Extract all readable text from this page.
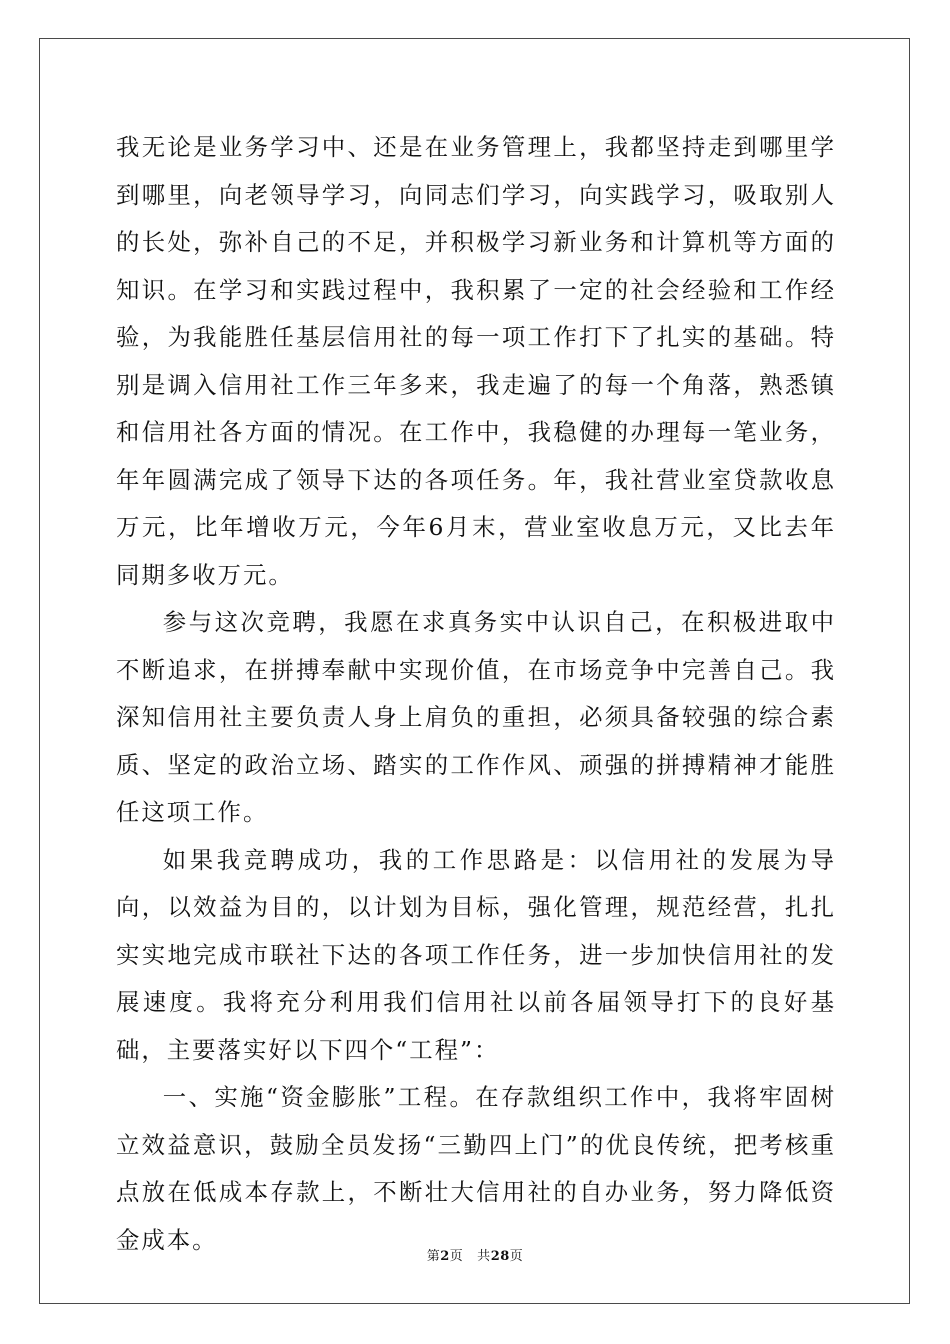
我无论是业务学习中、还是在业务管理上，我都坚持走到哪里学到哪里，向老领导学习，向同志们学习，向实践学习，吸取别人的长处，弥补自己的不足，并积极学习新业务和计算机等方面的知识。在学习和实践过程中，我积累了一定的社会经验和工作经验，为我能胜任基层信用社的每一项工作打下了扎实的基础。特别是调入信用社工作三年多来，我走遍了的每一个角落，熟悉镇和信用社各方面的情况。在工作中，我稳健的办理每一笔业务，年年圆满完成了领导下达的各项任务。年，我社营业室贷款收息万元，比年增收万元，今年6月末，营业室收息万元，又比去年同期多收万元。

参与这次竞聘，我愿在求真务实中认识自己，在积极进取中不断追求，在拼搏奉献中实现价值，在市场竞争中完善自己。我深知信用社主要负责人身上肩负的重担，必须具备较强的综合素质、坚定的政治立场、踏实的工作作风、顽强的拼搏精神才能胜任这项工作。

如果我竞聘成功，我的工作思路是：以信用社的发展为导向，以效益为目的，以计划为目标，强化管理，规范经营，扎扎实实地完成市联社下达的各项工作任务，进一步加快信用社的发展速度。我将充分利用我们信用社以前各届领导打下的良好基础，主要落实好以下四个“工程”：

一、实施“资金膨胀”工程。在存款组织工作中，我将牢固树立效益意识，鼓励全员发扬“三勤四上门”的优良传统，把考核重点放在低成本存款上，不断壮大信用社的自办业务，努力降低资金成本。

第2页 共28页
